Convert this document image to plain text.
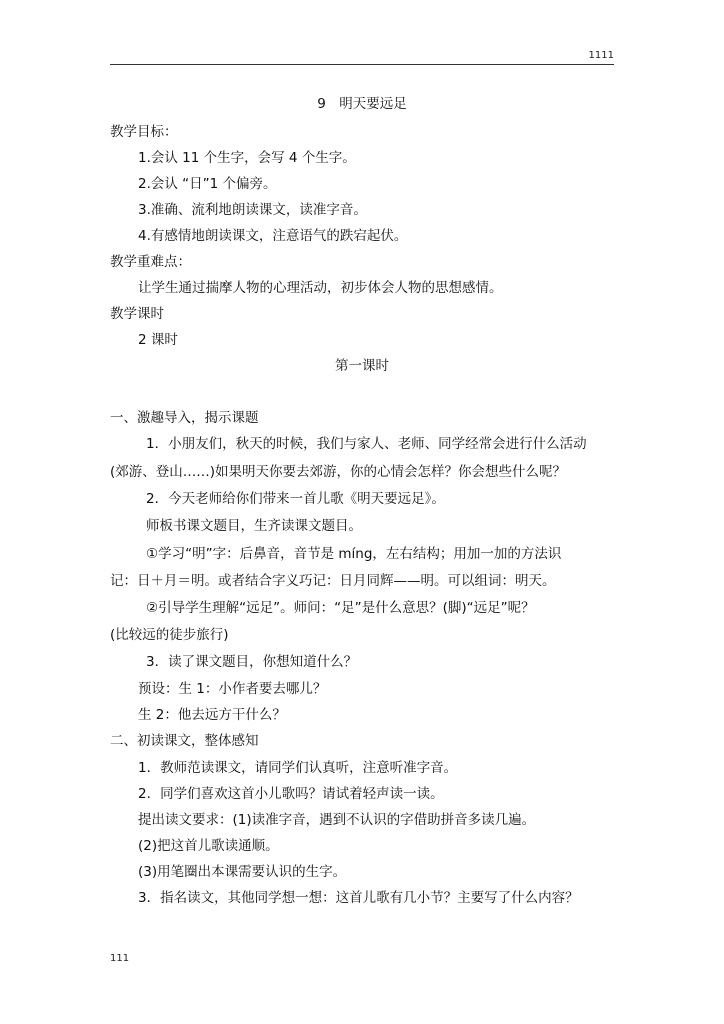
1111
9　明天要远足
教学目标：
1.会认 11 个生字，会写 4 个生字。
2.会认 “日”1 个偏旁。
3.准确、流利地朗读课文，读准字音。
4.有感情地朗读课文，注意语气的跌宕起伏。
教学重难点：
让学生通过揣摩人物的心理活动，初步体会人物的思想感情。
教学课时
2 课时
第一课时
一、激趣导入，揭示课题
1．小朋友们，秋天的时候，我们与家人、老师、同学经常会进行什么活动
(郊游、登山……)如果明天你要去郊游，你的心情会怎样？你会想些什么呢？
2．今天老师给你们带来一首儿歌《明天要远足》。
师板书课文题目，生齐读课文题目。
①学习“明”字：后鼻音，音节是 míng，左右结构；用加一加的方法识
记：日＋月＝明。或者结合字义巧记：日月同辉——明。可以组词：明天。
②引导学生理解“远足”。师问：“足”是什么意思？(脚)“远足”呢？
(比较远的徒步旅行)
3．读了课文题目，你想知道什么？
预设：生 1：小作者要去哪儿？
生 2：他去远方干什么？
二、初读课文，整体感知
1．教师范读课文，请同学们认真听，注意听准字音。
2．同学们喜欢这首小儿歌吗？请试着轻声读一读。
提出读文要求：(1)读准字音，遇到不认识的字借助拼音多读几遍。
(2)把这首儿歌读通顺。
(3)用笔圈出本课需要认识的生字。
3．指名读文，其他同学想一想：这首儿歌有几小节？主要写了什么内容？
111
